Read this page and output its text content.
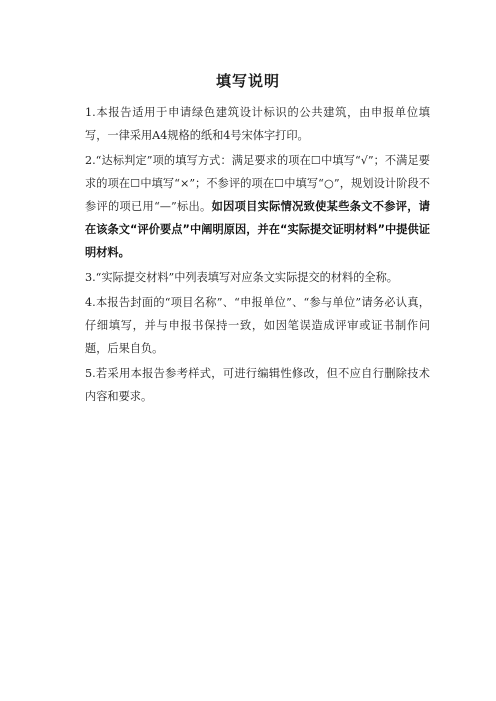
填写说明

1.本报告适用于申请绿色建筑设计标识的公共建筑，由申报单位填写，一律采用A4规格的纸和4号宋体字打印。

2.“达标判定”项的填写方式：满足要求的项在☐中填写“√”；不满足要求的项在☐中填写“×”；不参评的项在☐中填写“○”，规划设计阶段不参评的项已用“—”标出。如因项目实际情况致使某些条文不参评，请在该条文“评价要点”中阐明原因，并在“实际提交证明材料”中提供证明材料。

3.“实际提交材料”中列表填写对应条文实际提交的材料的全称。

4.本报告封面的“项目名称”、“申报单位”、“参与单位”请务必认真，仔细填写，并与申报书保持一致，如因笔误造成评审或证书制作问题，后果自负。

5.若采用本报告参考样式，可进行编辑性修改，但不应自行删除技术内容和要求。
